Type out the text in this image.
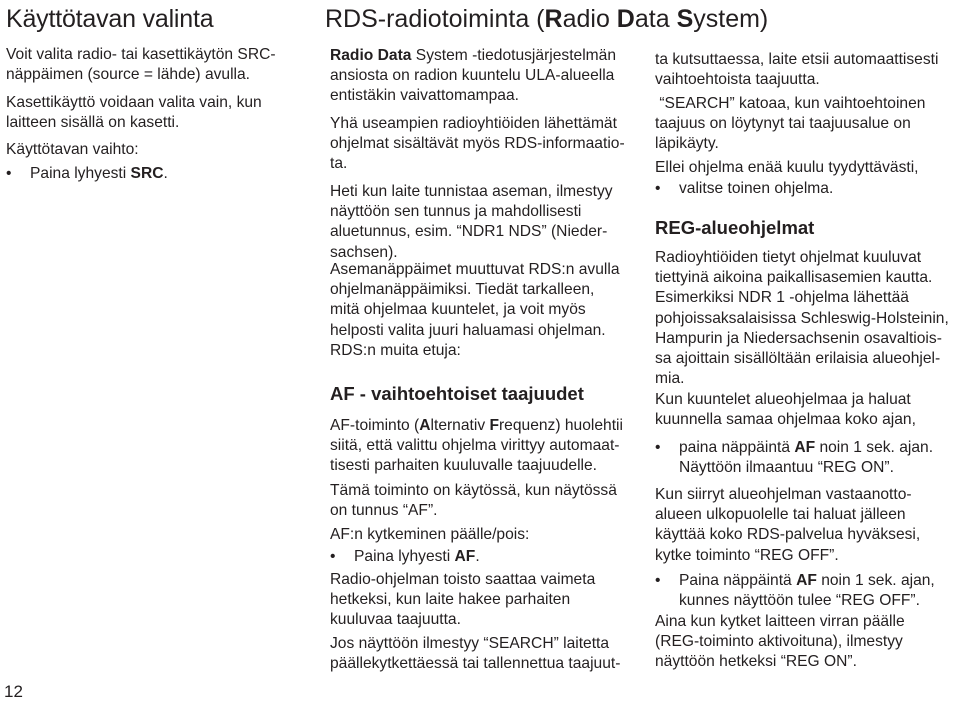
Käyttötavan valinta

Voit valita radio- tai kasettikäytön SRC-
näppäimen (source = lähde) avulla.

Kasettikäyttö voidaan valita vain, kun
laitteen sisällä on kasetti.

Käyttötavan vaihto:

• Paina lyhyesti SRC.
12
RDS-radiotoiminta (Radio Data System)

Radio Data System -tiedotusjärjestelmän
ansiosta on radion kuuntelu ULA-alueella
entistäkin vaivattomampaa.

Yhä useampien radioyhtiöiden lähettämät
ohjelmat sisältävät myös RDS-informaatio-
ta.

Heti kun laite tunnistaa aseman, ilmestyy
näyttöön sen tunnus ja mahdollisesti
aluetunnus, esim. “NDR1 NDS” (Nieder-
sachsen).

Asemanäppäimet muuttuvat RDS:n avulla
ohjelmanäppäimiksi. Tiedät tarkalleen,
mitä ohjelmaa kuuntelet, ja voit myös
helposti valita juuri haluamasi ohjelman.

RDS:n muita etuja:

AF - vaihtoehtoiset taajuudet

AF-toiminto (Alternativ Frequenz) huolehtii
siitä, että valittu ohjelma virittyy automaat-
tisesti parhaiten kuuluvalle taajuudelle.

Tämä toiminto on käytössä, kun näytössä
on tunnus “AF”.

AF:n kytkeminen päälle/pois:

• Paina lyhyesti AF.

Radio-ohjelman toisto saattaa vaimeta
hetkeksi, kun laite hakee parhaiten
kuuluvaa taajuutta.

Jos näyttöön ilmestyy “SEARCH” laitetta
päällekytkettäessä tai tallennettua taajuut-

ta kutsuttaessa, laite etsii automaattisesti
vaihtoehtoista taajuutta.

“SEARCH” katoaa, kun vaihtoehtoinen
taajuus on löytynyt tai taajuusalue on
läpikäyty.

Ellei ohjelma enää kuulu tyydyttävästi,

• valitse toinen ohjelma.
REG-alueohjelmat

Radioyhtiöiden tietyt ohjelmat kuuluvat
tiettyinä aikoina paikallisasemien kautta.
Esimerkiksi NDR 1 -ohjelma lähettää
pohjoissaksalaisissa Schleswig-Holsteinin,
Hampurin ja Niedersachsenin osavaltiois-
sa ajoittain sisällöltään erilaisia alueohjel-
mia.

Kun kuuntelet alueohjelmaa ja haluat
kuunnella samaa ohjelmaa koko ajan,

• paina näppäintä AF noin 1 sek. ajan.
Näyttöön ilmaantuu “REG ON”.

Kun siirryt alueohjelman vastaanotto-
alueen ulkopuolelle tai haluat jälleen
käyttää koko RDS-palvelua hyväksesi,
kytke toiminto “REG OFF”.

• Paina näppäintä AF noin 1 sek. ajan,
kunnes näyttöön tulee “REG OFF”.

Aina kun kytket laitteen virran päälle
(REG-toiminto aktivoituna), ilmestyy
näyttöön hetkeksi “REG ON”.
